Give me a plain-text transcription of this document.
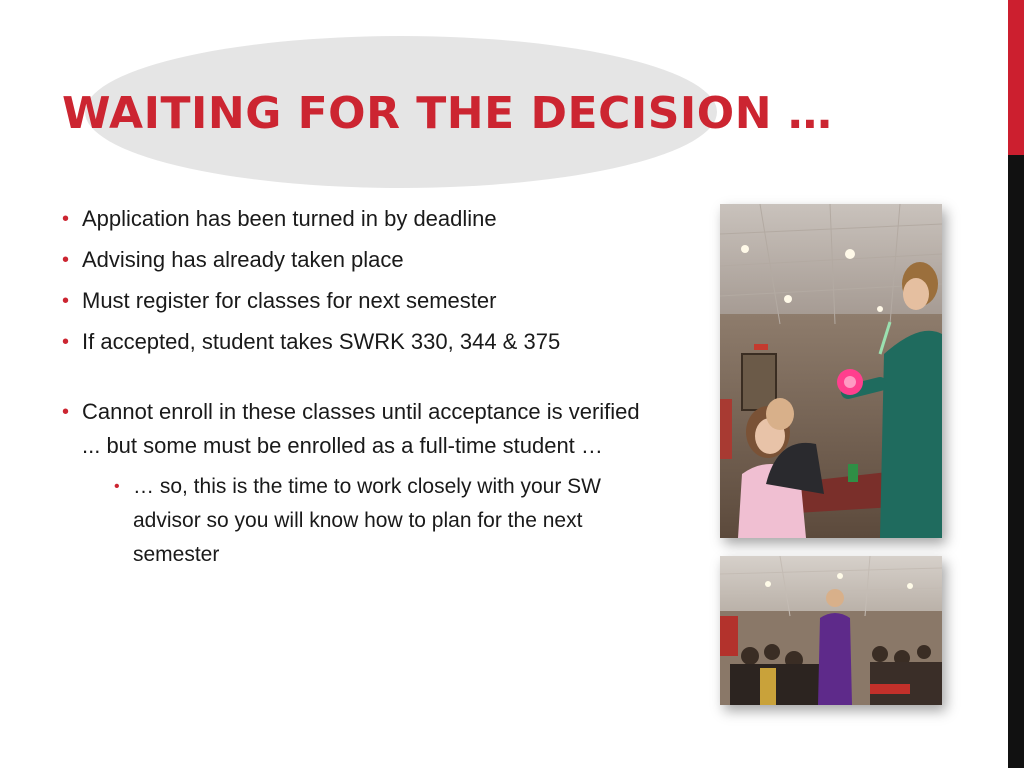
WAITING FOR THE DECISION …

• Application has been turned in by deadline

• Advising has already taken place

• Must register for classes for next semester

• If accepted, student takes SWRK 330, 344 & 375

• Cannot enroll in these classes until acceptance is verified ... but some must be enrolled as a full-time student …

• … so, this is the time to work closely with your SW advisor so you will know how to plan for the next semester
